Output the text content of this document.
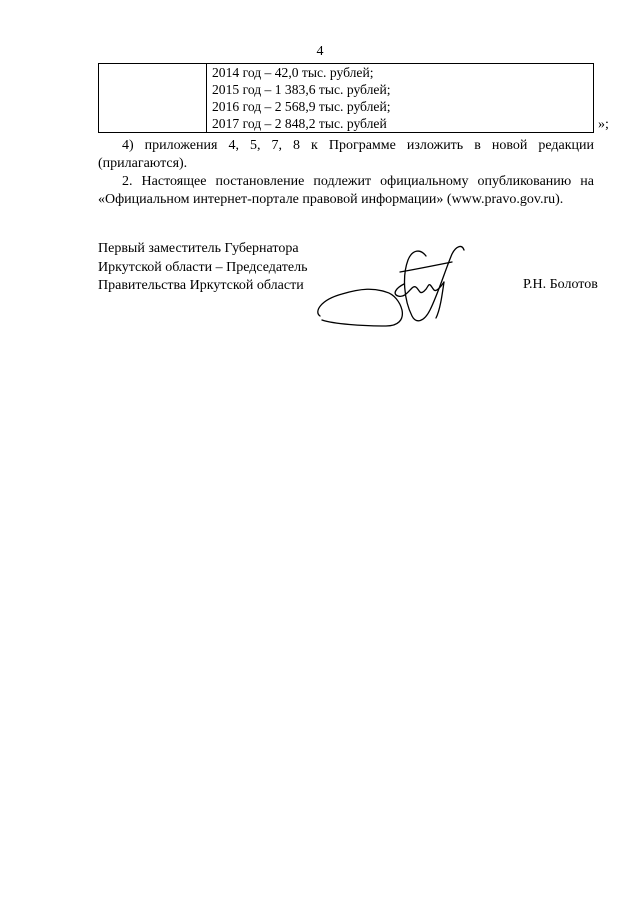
4

2014 год – 42,0 тыс. рублей;
2015 год – 1 383,6 тыс. рублей;
2016 год – 2 568,9 тыс. рублей;
2017 год – 2 848,2 тыс. рублей	»;
4) приложения 4, 5, 7, 8 к Программе изложить в новой редакции
(прилагаются).
2. Настоящее постановление подлежит официальному опубликованию на
«Официальном интернет-портале правовой информации» (www.pravo.gov.ru).
Первый заместитель Губернатора
Иркутской области – Председатель
Правительства Иркутской области	Р.Н. Болотов
